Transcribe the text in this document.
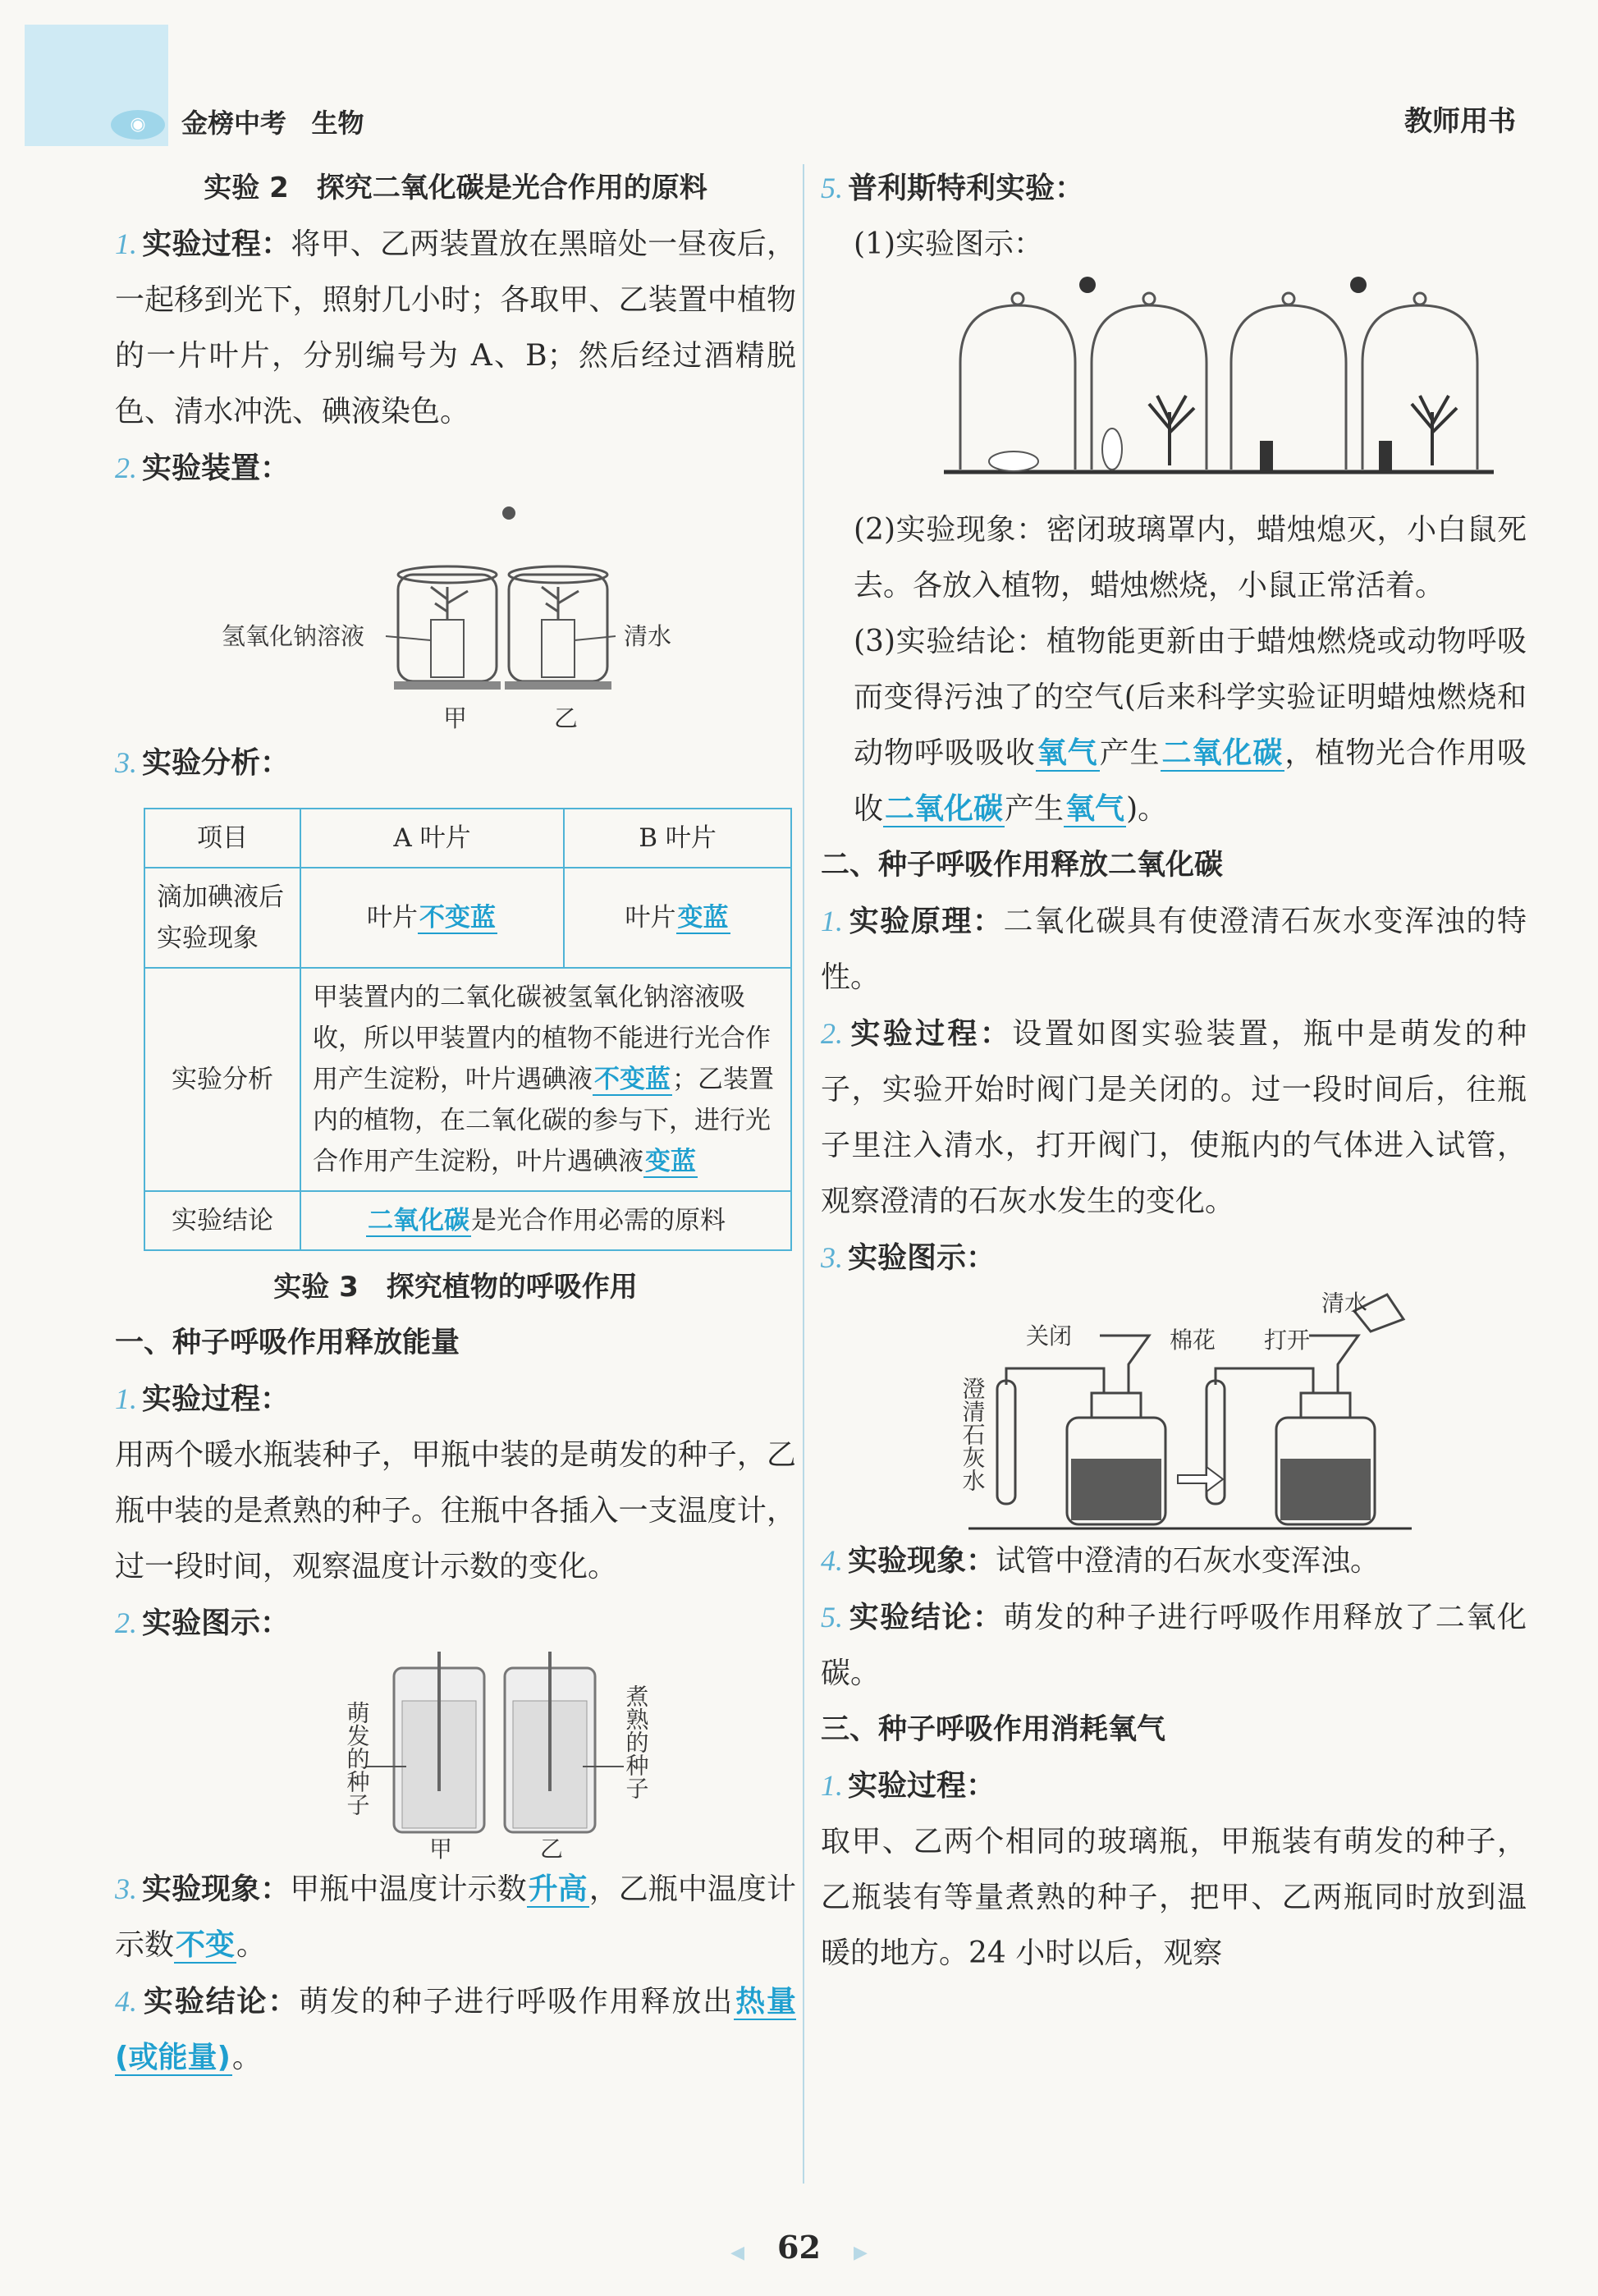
◉ 金榜中考 生物	教师用书
实验 2　探究二氧化碳是光合作用的原料

1. 实验过程：将甲、乙两装置放在黑暗处一昼夜后，一起移到光下，照射几小时；各取甲、乙装置中植物的一片叶片，分别编号为 A、B；然后经过酒精脱色、清水冲洗、碘液染色。

2. 实验装置：

氢氧化钠溶液	清水
甲	乙

3. 实验分析：

项目	A 叶片	B 叶片
滴加碘液后实验现象	叶片不变蓝	叶片变蓝
实验分析	甲装置内的二氧化碳被氢氧化钠溶液吸收，所以甲装置内的植物不能进行光合作用产生淀粉，叶片遇碘液不变蓝；乙装置内的植物，在二氧化碳的参与下，进行光合作用产生淀粉，叶片遇碘液变蓝	
实验结论	二氧化碳是光合作用必需的原料	
实验 3　探究植物的呼吸作用
一、种子呼吸作用释放能量

1. 实验过程：

用两个暖水瓶装种子，甲瓶中装的是萌发的种子，乙瓶中装的是煮熟的种子。往瓶中各插入一支温度计，过一段时间，观察温度计示数的变化。

2. 实验图示：

萌发的种子	煮熟的种子
甲	乙

3. 实验现象：甲瓶中温度计示数升高，乙瓶中温度计示数不变。

4. 实验结论：萌发的种子进行呼吸作用释放出热量(或能量)。

5. 普利斯特利实验：

(1)实验图示：

(2)实验现象：密闭玻璃罩内，蜡烛熄灭，小白鼠死去。各放入植物，蜡烛燃烧，小鼠正常活着。

(3)实验结论：植物能更新由于蜡烛燃烧或动物呼吸而变得污浊了的空气(后来科学实验证明蜡烛燃烧和动物呼吸吸收氧气产生二氧化碳，植物光合作用吸收二氧化碳产生氧气)。

二、种子呼吸作用释放二氧化碳

1. 实验原理：二氧化碳具有使澄清石灰水变浑浊的特性。

2. 实验过程：设置如图实验装置，瓶中是萌发的种子，实验开始时阀门是关闭的。过一段时间后，往瓶子里注入清水，打开阀门，使瓶内的气体进入试管，观察澄清的石灰水发生的变化。

3. 实验图示：

关闭	棉花 打开
清水
澄清石灰水

4. 实验现象：试管中澄清的石灰水变浑浊。

5. 实验结论：萌发的种子进行呼吸作用释放了二氧化碳。

三、种子呼吸作用消耗氧气

1. 实验过程：

取甲、乙两个相同的玻璃瓶，甲瓶装有萌发的种子，乙瓶装有等量煮熟的种子，把甲、乙两瓶同时放到温暖的地方。24 小时以后，观察

◀ 62 ▶
